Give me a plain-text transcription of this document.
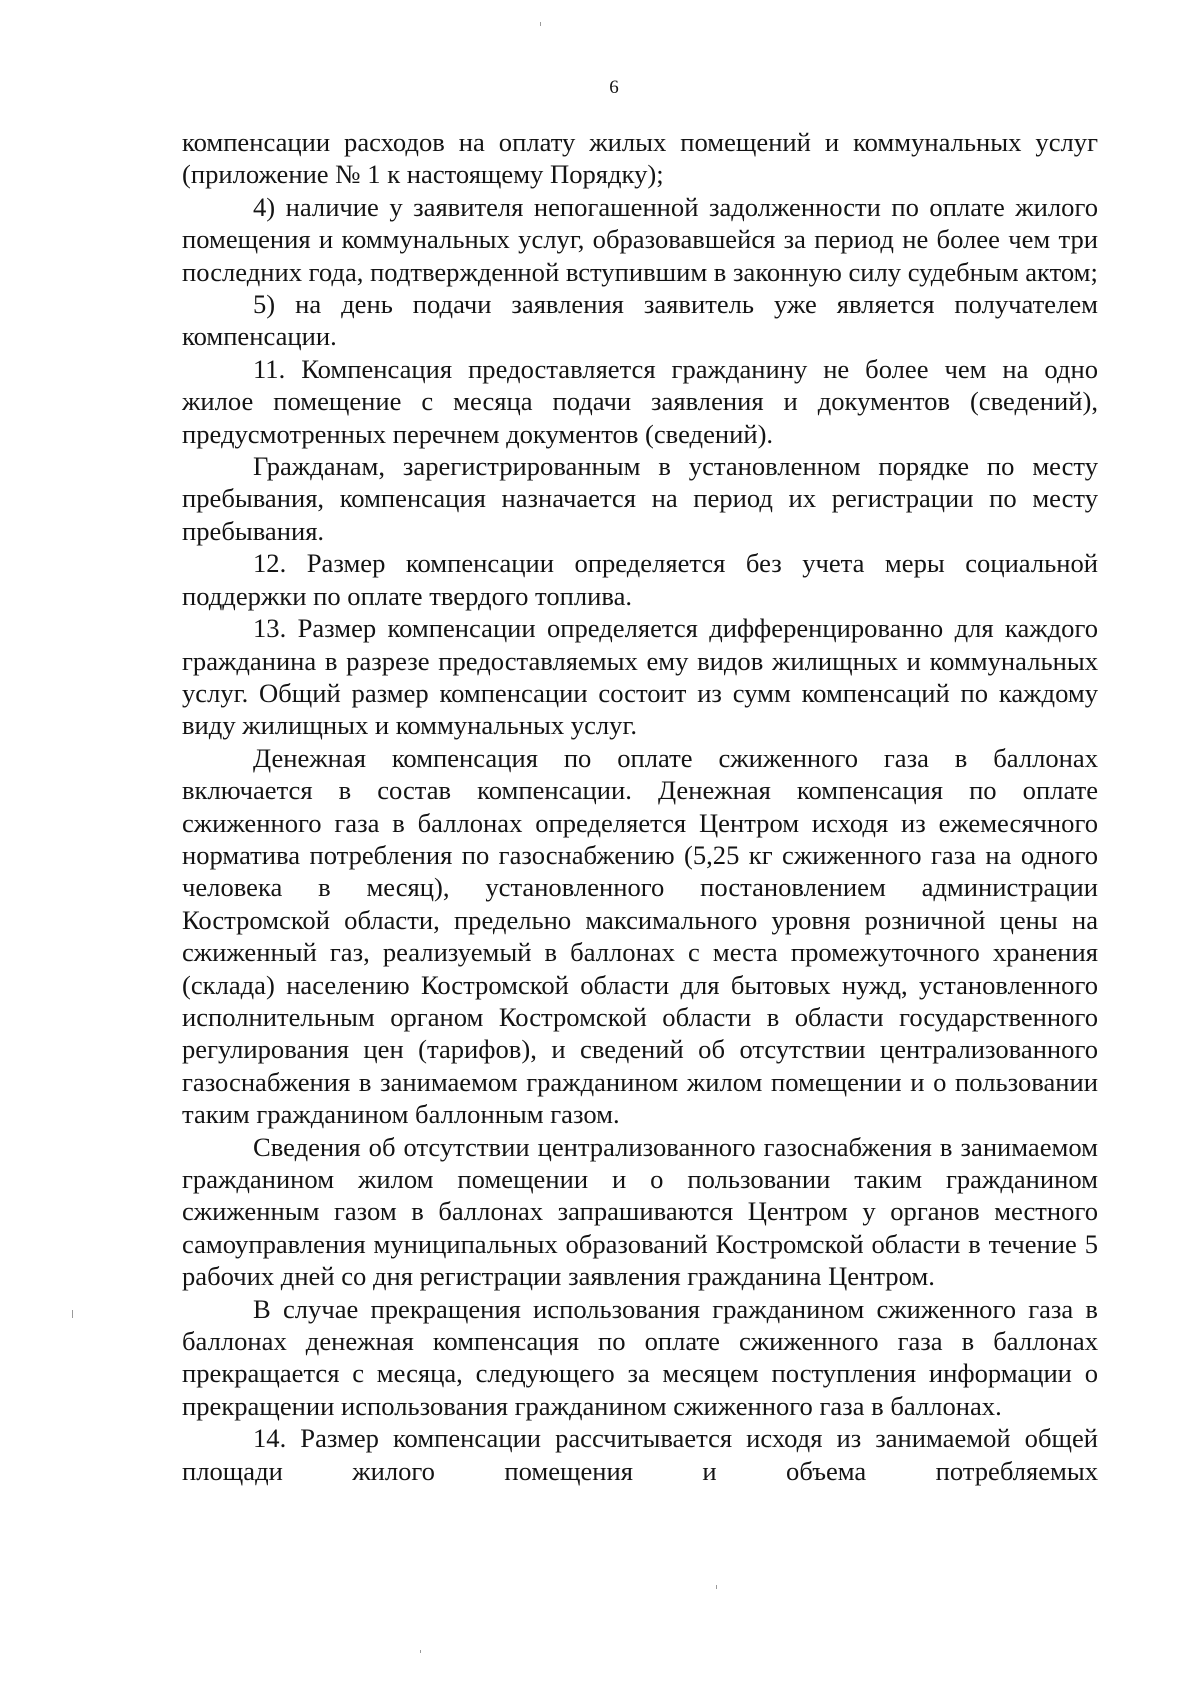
6

компенсации расходов на оплату жилых помещений и коммунальных услуг (приложение № 1 к настоящему Порядку);

4) наличие у заявителя непогашенной задолженности по оплате жилого помещения и коммунальных услуг, образовавшейся за период не более чем три последних года, подтвержденной вступившим в законную силу судебным актом;

5) на день подачи заявления заявитель уже является получателем компенсации.

11. Компенсация предоставляется гражданину не более чем на одно жилое помещение с месяца подачи заявления и документов (сведений), предусмотренных перечнем документов (сведений).

Гражданам, зарегистрированным в установленном порядке по месту пребывания, компенсация назначается на период их регистрации по месту пребывания.

12. Размер компенсации определяется без учета меры социальной поддержки по оплате твердого топлива.

13. Размер компенсации определяется дифференцированно для каждого гражданина в разрезе предоставляемых ему видов жилищных и коммунальных услуг. Общий размер компенсации состоит из сумм компенсаций по каждому виду жилищных и коммунальных услуг.

Денежная компенсация по оплате сжиженного газа в баллонах включается в состав компенсации. Денежная компенсация по оплате сжиженного газа в баллонах определяется Центром исходя из ежемесячного норматива потребления по газоснабжению (5,25 кг сжиженного газа на одного человека в месяц), установленного постановлением администрации Костромской области, предельно максимального уровня розничной цены на сжиженный газ, реализуемый в баллонах с места промежуточного хранения (склада) населению Костромской области для бытовых нужд, установленного исполнительным органом Костромской области в области государственного регулирования цен (тарифов), и сведений об отсутствии централизованного газоснабжения в занимаемом гражданином жилом помещении и о пользовании таким гражданином баллонным газом.

Сведения об отсутствии централизованного газоснабжения в занимаемом гражданином жилом помещении и о пользовании таким гражданином сжиженным газом в баллонах запрашиваются Центром у органов местного самоуправления муниципальных образований Костромской области в течение 5 рабочих дней со дня регистрации заявления гражданина Центром.

В случае прекращения использования гражданином сжиженного газа в баллонах денежная компенсация по оплате сжиженного газа в баллонах прекращается с месяца, следующего за месяцем поступления информации о прекращении использования гражданином сжиженного газа в баллонах.

14. Размер компенсации рассчитывается исходя из занимаемой общей площади жилого помещения и объема потребляемых
